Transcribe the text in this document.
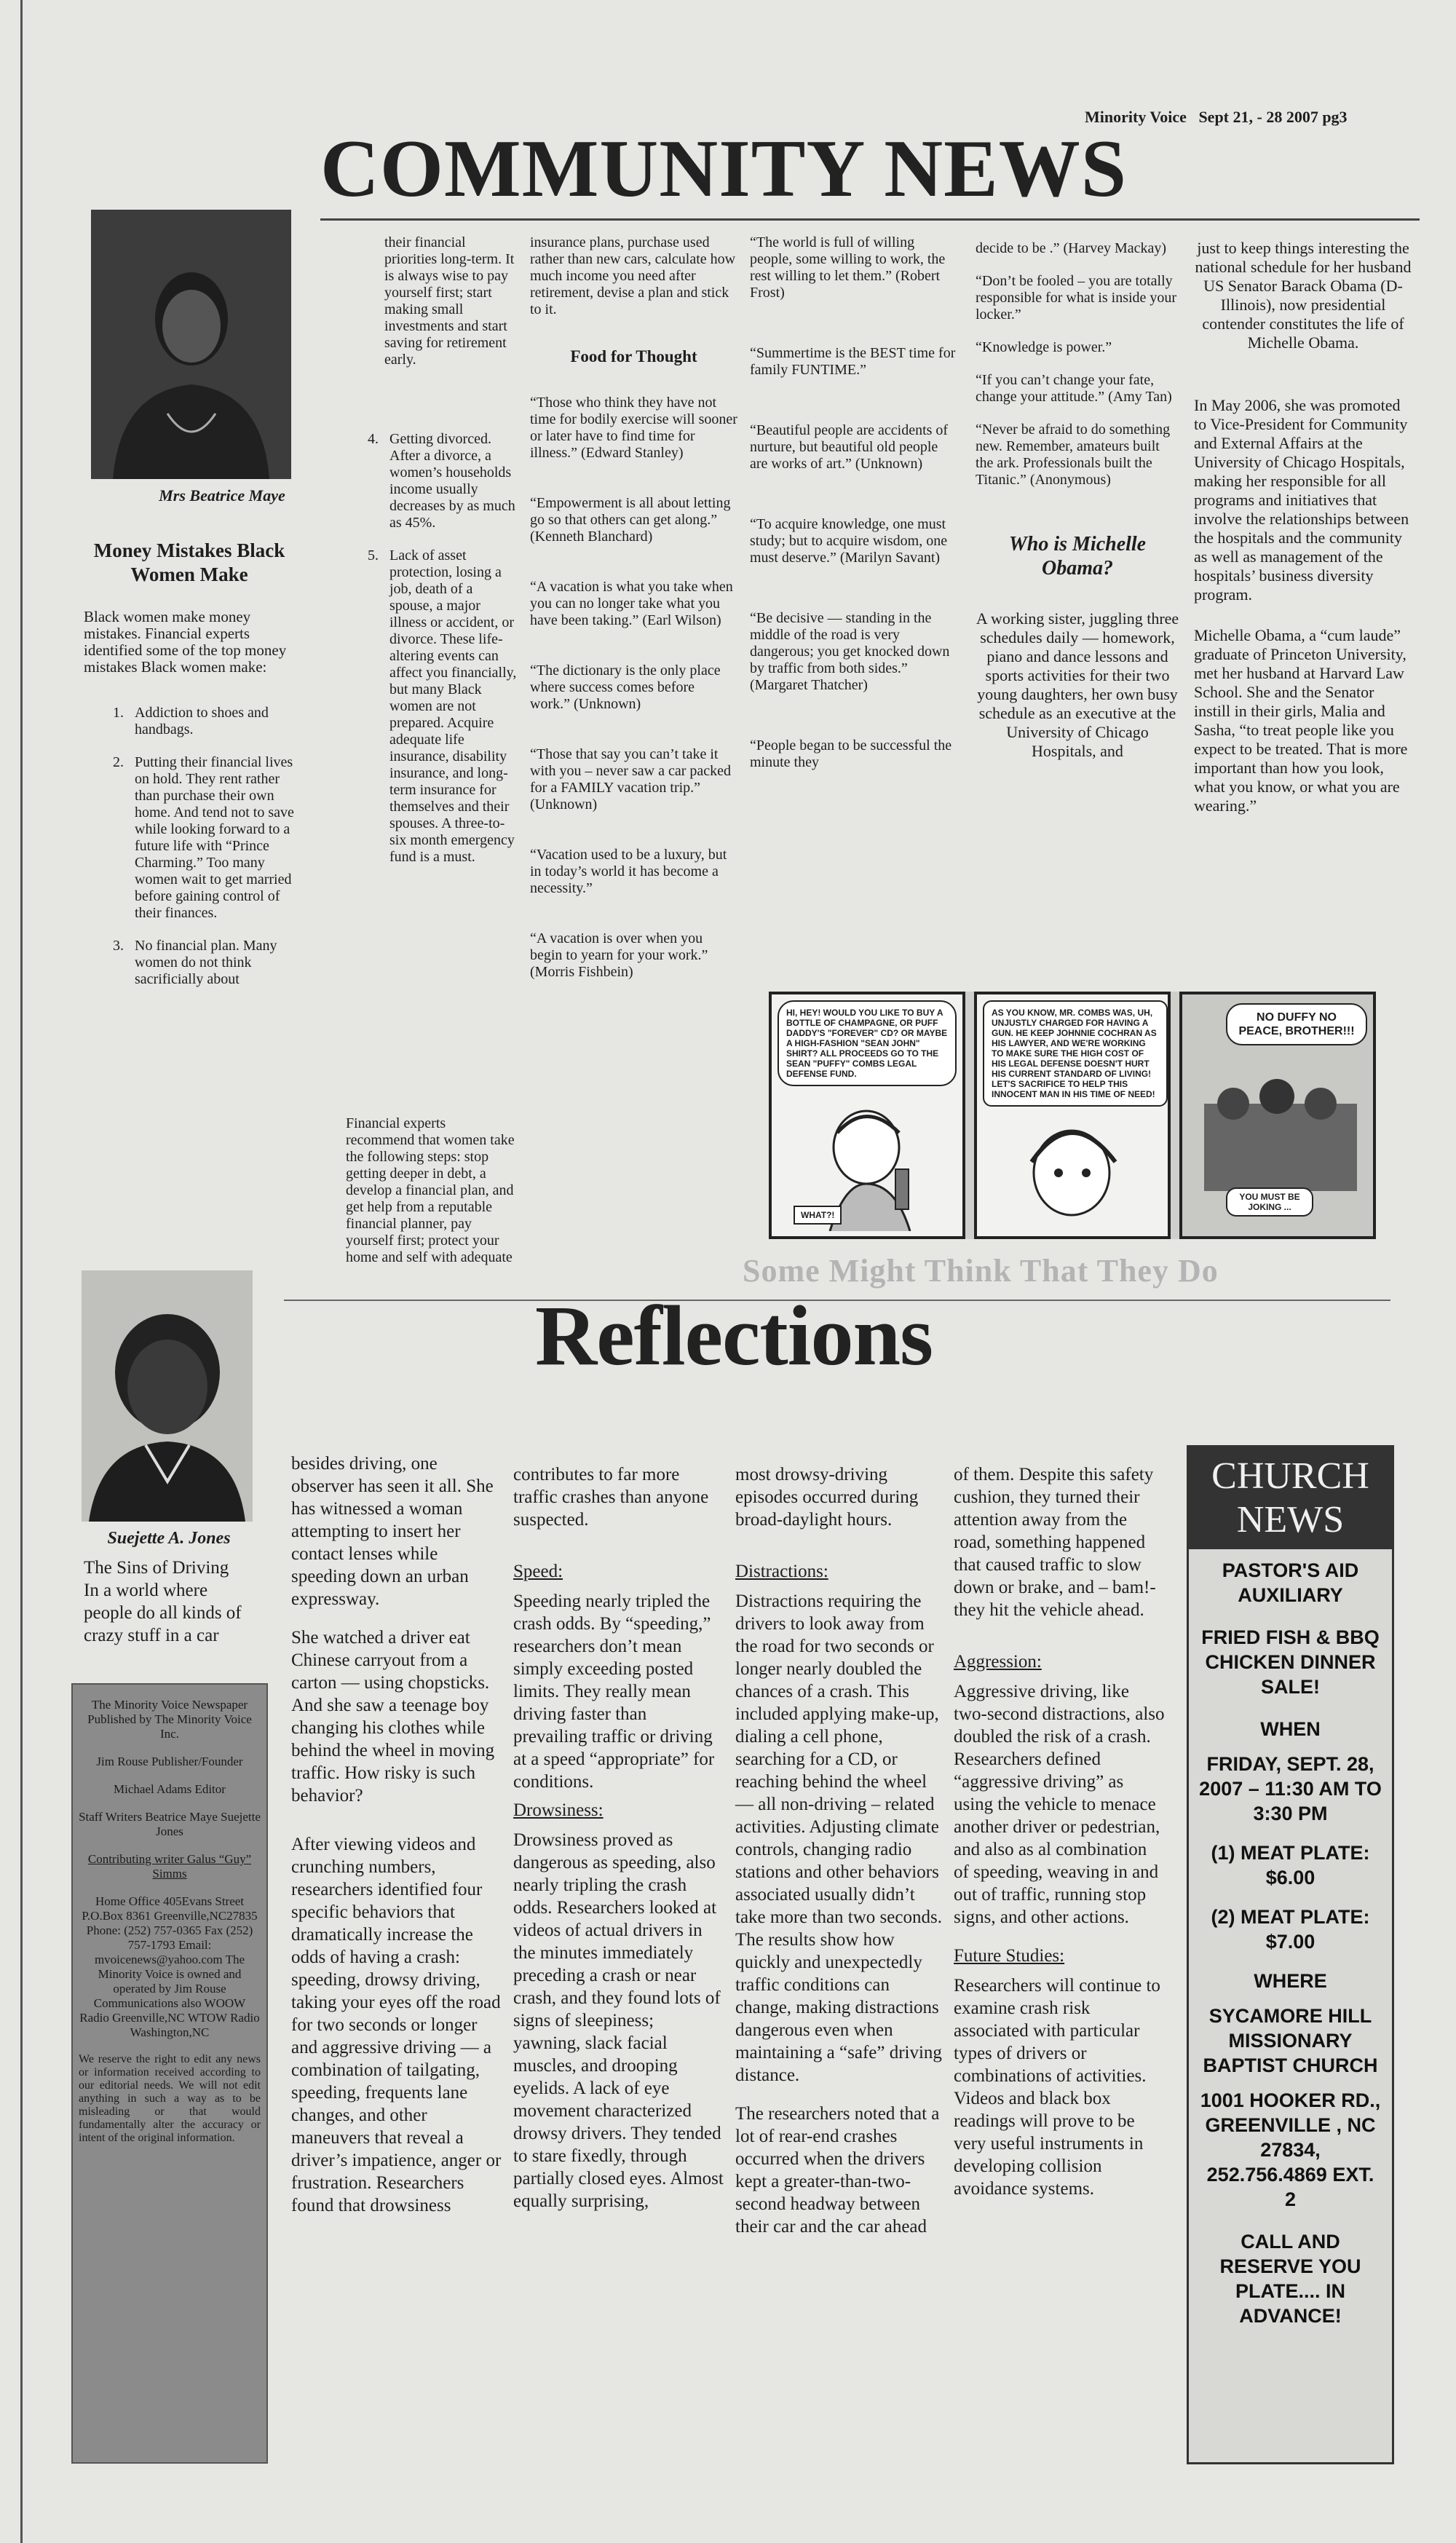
Minority Voice Sept 21, - 28 2007 pg3
COMMUNITY NEWS
Mrs Beatrice Maye
Money Mistakes Black Women Make

Black women make money mistakes. Financial experts identified some of the top money mistakes Black women make:

1. Addiction to shoes and handbags.
2. Putting their financial lives on hold. They rent rather than purchase their own home. And tend not to save while looking forward to a future life with “Prince Charming.” Too many women wait to get married before gaining control of their finances.
3. No financial plan. Many women do not think sacrificially about

their financial priorities long-term. It is always wise to pay yourself first; start making small investments and start saving for retirement early.

4. Getting divorced. After a divorce, a women’s households income usually decreases by as much as 45%.
5. Lack of asset protection, losing a job, death of a spouse, a major illness or accident, or divorce. These life-altering events can affect you financially, but many Black women are not prepared. Acquire adequate life insurance, disability insurance, and long-term insurance for themselves and their spouses. A three-to-six month emergency fund is a must.

Financial experts recommend that women take the following steps: stop getting deeper in debt, a develop a financial plan, and get help from a reputable financial planner, pay yourself first; protect your home and self with adequate

insurance plans, purchase used rather than new cars, calculate how much income you need after retirement, devise a plan and stick to it.

Food for Thought

“Those who think they have not time for bodily exercise will sooner or later have to find time for illness.” (Edward Stanley)

“Empowerment is all about letting go so that others can get along.” (Kenneth Blanchard)

“A vacation is what you take when you can no longer take what you have been taking.” (Earl Wilson)

“The dictionary is the only place where success comes before work.” (Unknown)

“Those that say you can’t take it with you – never saw a car packed for a FAMILY vacation trip.” (Unknown)

“Vacation used to be a luxury, but in today’s world it has become a necessity.”

“A vacation is over when you begin to yearn for your work.” (Morris Fishbein)

“The world is full of willing people, some willing to work, the rest willing to let them.” (Robert Frost)

“Summertime is the BEST time for family FUNTIME.”

“Beautiful people are accidents of nurture, but beautiful old people are works of art.” (Unknown)

“To acquire knowledge, one must study; but to acquire wisdom, one must deserve.” (Marilyn Savant)

“Be decisive — standing in the middle of the road is very dangerous; you get knocked down by traffic from both sides.” (Margaret Thatcher)

“People began to be successful the minute they

decide to be .” (Harvey Mackay)

“Don’t be fooled – you are totally responsible for what is inside your locker.”

“Knowledge is power.”

“If you can’t change your fate, change your attitude.” (Amy Tan)

“Never be afraid to do something new. Remember, amateurs built the ark. Professionals built the Titanic.” (Anonymous)

Who is Michelle Obama?

A working sister, juggling three schedules daily — homework, piano and dance lessons and sports activities for their two young daughters, her own busy schedule as an executive at the University of Chicago Hospitals, and

just to keep things interesting the national schedule for her husband US Senator Barack Obama (D-Illinois), now presidential contender constitutes the life of Michelle Obama.

In May 2006, she was promoted to Vice-President for Community and External Affairs at the University of Chicago Hospitals, making her responsible for all programs and initiatives that involve the relationships between the hospitals and the community as well as management of the hospitals’ business diversity program.

Michelle Obama, a “cum laude” graduate of Princeton University, met her husband at Harvard Law School. She and the Senator instill in their girls, Malia and Sasha, “to treat people like you expect to be treated. That is more important than how you look, what you know, or what you are wearing.”

HI, HEY! WOULD YOU LIKE TO BUY A BOTTLE OF CHAMPAGNE, OR PUFF DADDY'S "FOREVER" CD? OR MAYBE A HIGH-FASHION "SEAN JOHN" SHIRT? ALL PROCEEDS GO TO THE SEAN "PUFFY" COMBS LEGAL DEFENSE FUND.
WHAT?!
AS YOU KNOW, MR. COMBS WAS, UH, UNJUSTLY CHARGED FOR HAVING A GUN. HE KEEP JOHNNIE COCHRAN AS HIS LAWYER, AND WE'RE WORKING TO MAKE SURE THE HIGH COST OF HIS LEGAL DEFENSE DOESN'T HURT HIS CURRENT STANDARD OF LIVING! LET'S SACRIFICE TO HELP THIS INNOCENT MAN IN HIS TIME OF NEED!
NO DUFFY NO PEACE, BROTHER!!!
YOU MUST BE JOKING ...
Some Might Think That They Do
Reflections
Suejette A. Jones

The Sins of Driving

In a world where people do all kinds of crazy stuff in a car

The Minority Voice Newspaper Published by The Minority Voice Inc.

Jim Rouse Publisher/Founder

Michael Adams Editor

Staff Writers Beatrice Maye Suejette Jones

Contributing writer Galus “Guy” Simms

Home Office 405Evans Street P.O.Box 8361 Greenville,NC27835 Phone: (252) 757-0365 Fax (252) 757-1793 Email: mvoicenews@yahoo.com The Minority Voice is owned and operated by Jim Rouse Communications also WOOW Radio Greenville,NC WTOW Radio Washington,NC

We reserve the right to edit any news or information received according to our editorial needs. We will not edit anything in such a way as to be misleading or that would fundamentally alter the accuracy or intent of the original information.

besides driving, one observer has seen it all. She has witnessed a woman attempting to insert her contact lenses while speeding down an urban expressway.

She watched a driver eat Chinese carryout from a carton — using chopsticks. And she saw a teenage boy changing his clothes while behind the wheel in moving traffic. How risky is such behavior?

After viewing videos and crunching numbers, researchers identified four specific behaviors that dramatically increase the odds of having a crash: speeding, drowsy driving, taking your eyes off the road for two seconds or longer and aggressive driving — a combination of tailgating, speeding, frequents lane changes, and other maneuvers that reveal a driver’s impatience, anger or frustration. Researchers found that drowsiness

contributes to far more traffic crashes than anyone suspected.

Speed:

Speeding nearly tripled the crash odds. By “speeding,” researchers don’t mean simply exceeding posted limits. They really mean driving faster than prevailing traffic or driving at a speed “appropriate” for conditions.

Drowsiness:

Drowsiness proved as dangerous as speeding, also nearly tripling the crash odds. Researchers looked at videos of actual drivers in the minutes immediately preceding a crash or near crash, and they found lots of signs of sleepiness; yawning, slack facial muscles, and drooping eyelids. A lack of eye movement characterized drowsy drivers. They tended to stare fixedly, through partially closed eyes. Almost equally surprising,

most drowsy-driving episodes occurred during broad-daylight hours.

Distractions:

Distractions requiring the drivers to look away from the road for two seconds or longer nearly doubled the chances of a crash. This included applying make-up, dialing a cell phone, searching for a CD, or reaching behind the wheel — all non-driving – related activities. Adjusting climate controls, changing radio stations and other behaviors associated usually didn’t take more than two seconds. The results show how quickly and unexpectedly traffic conditions can change, making distractions dangerous even when maintaining a “safe” driving distance.

The researchers noted that a lot of rear-end crashes occurred when the drivers kept a greater-than-two-second headway between their car and the car ahead

of them. Despite this safety cushion, they turned their attention away from the road, something happened that caused traffic to slow down or brake, and – bam!- they hit the vehicle ahead.

Aggression:

Aggressive driving, like two-second distractions, also doubled the risk of a crash. Researchers defined “aggressive driving” as using the vehicle to menace another driver or pedestrian, and also as al combination of speeding, weaving in and out of traffic, running stop signs, and other actions.

Future Studies:

Researchers will continue to examine crash risk associated with particular types of drivers or combinations of activities. Videos and black box readings will prove to be very useful instruments in developing collision avoidance systems.

CHURCH NEWS

PASTOR'S AID AUXILIARY

FRIED FISH & BBQ CHICKEN DINNER SALE!

WHEN

FRIDAY, SEPT. 28, 2007 – 11:30 AM TO 3:30 PM

(1) MEAT PLATE: $6.00

(2) MEAT PLATE: $7.00

WHERE

SYCAMORE HILL MISSIONARY BAPTIST CHURCH

1001 HOOKER RD., GREENVILLE , NC 27834, 252.756.4869 EXT. 2

CALL AND RESERVE YOU PLATE.... IN ADVANCE!
